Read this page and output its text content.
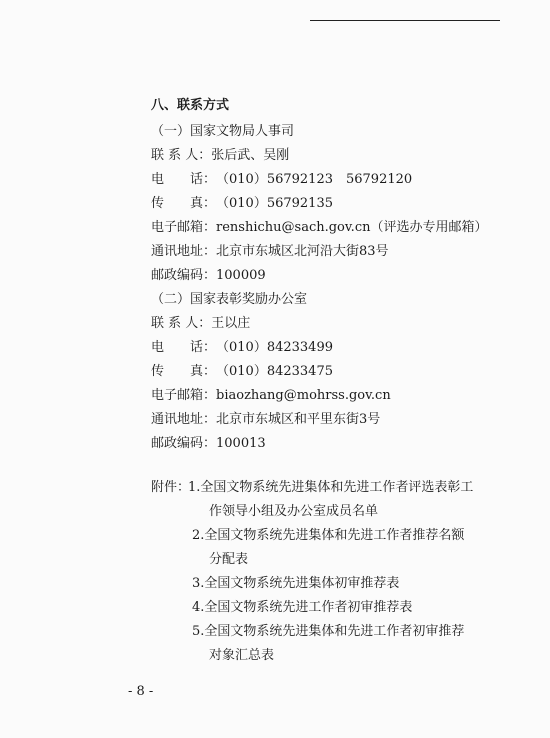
八、联系方式
（一）国家文物局人事司
联 系 人：张后武、吴刚
电　　话：（010）56792123　56792120
传　　真：（010）56792135
电子邮箱：renshichu@sach.gov.cn（评选办专用邮箱）
通讯地址：北京市东城区北河沿大街83号
邮政编码：100009
（二）国家表彰奖励办公室
联 系 人：王以庄
电　　话：（010）84233499
传　　真：（010）84233475
电子邮箱：biaozhang@mohrss.gov.cn
通讯地址：北京市东城区和平里东街3号
邮政编码：100013
附件：
1.全国文物系统先进集体和先进工作者评选表彰工
作领导小组及办公室成员名单
2.全国文物系统先进集体和先进工作者推荐名额
分配表
3.全国文物系统先进集体初审推荐表
4.全国文物系统先进工作者初审推荐表
5.全国文物系统先进集体和先进工作者初审推荐
对象汇总表
- 8 -
